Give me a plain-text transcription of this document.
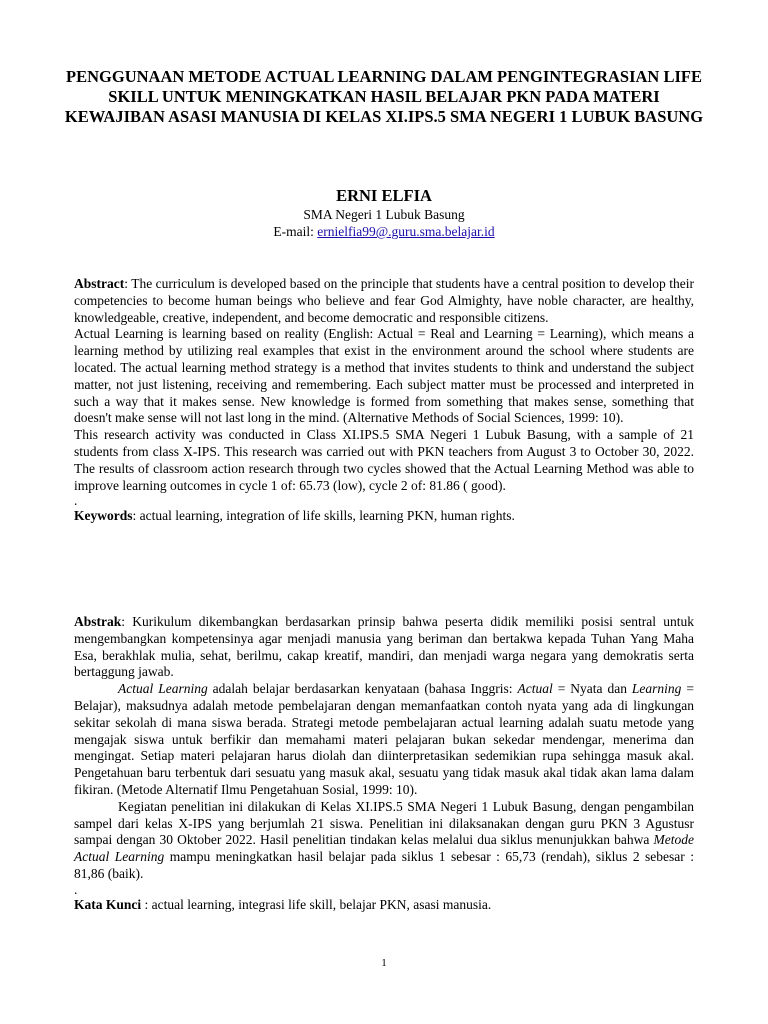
PENGGUNAAN METODE ACTUAL LEARNING DALAM PENGINTEGRASIAN LIFE SKILL UNTUK MENINGKATKAN HASIL BELAJAR PKN PADA MATERI KEWAJIBAN ASASI MANUSIA DI KELAS XI.IPS.5 SMA NEGERI 1 LUBUK BASUNG
ERNI ELFIA
SMA Negeri 1 Lubuk Basung
E-mail: ernielfia99@.guru.sma.belajar.id

Abstract: The curriculum is developed based on the principle that students have a central position to develop their competencies to become human beings who believe and fear God Almighty, have noble character, are healthy, knowledgeable, creative, independent, and become democratic and responsible citizens.

Actual Learning is learning based on reality (English: Actual = Real and Learning = Learning), which means a learning method by utilizing real examples that exist in the environment around the school where students are located. The actual learning method strategy is a method that invites students to think and understand the subject matter, not just listening, receiving and remembering. Each subject matter must be processed and interpreted in such a way that it makes sense. New knowledge is formed from something that makes sense, something that doesn't make sense will not last long in the mind. (Alternative Methods of Social Sciences, 1999: 10).

This research activity was conducted in Class XI.IPS.5 SMA Negeri 1 Lubuk Basung, with a sample of 21 students from class X-IPS. This research was carried out with PKN teachers from August 3 to October 30, 2022. The results of classroom action research through two cycles showed that the Actual Learning Method was able to improve learning outcomes in cycle 1 of: 65.73 (low), cycle 2 of: 81.86 ( good).

.

Keywords: actual learning, integration of life skills, learning PKN, human rights.

Abstrak: Kurikulum dikembangkan berdasarkan prinsip bahwa peserta didik memiliki posisi sentral untuk mengembangkan kompetensinya agar menjadi manusia yang beriman dan bertakwa kepada Tuhan Yang Maha Esa, berakhlak mulia, sehat, berilmu, cakap kreatif, mandiri, dan menjadi warga negara yang demokratis serta bertaggung jawab.

Actual Learning adalah belajar berdasarkan kenyataan (bahasa Inggris: Actual = Nyata dan Learning = Belajar), maksudnya adalah metode pembelajaran dengan memanfaatkan contoh nyata yang ada di lingkungan sekitar sekolah di mana siswa berada. Strategi metode pembelajaran actual learning adalah suatu metode yang mengajak siswa untuk berfikir dan memahami materi pelajaran bukan sekedar mendengar, menerima dan mengingat. Setiap materi pelajaran harus diolah dan diinterpretasikan sedemikian rupa sehingga masuk akal. Pengetahuan baru terbentuk dari sesuatu yang masuk akal, sesuatu yang tidak masuk akal tidak akan lama dalam fikiran. (Metode Alternatif Ilmu Pengetahuan Sosial, 1999: 10).

Kegiatan penelitian ini dilakukan di Kelas XI.IPS.5 SMA Negeri 1 Lubuk Basung, dengan pengambilan sampel dari kelas X-IPS yang berjumlah 21 siswa. Penelitian ini dilaksanakan dengan guru PKN 3 Agustusr sampai dengan 30 Oktober 2022. Hasil penelitian tindakan kelas melalui dua siklus menunjukkan bahwa Metode Actual Learning mampu meningkatkan hasil belajar pada siklus 1 sebesar : 65,73 (rendah), siklus 2 sebesar : 81,86 (baik).

.

Kata Kunci : actual learning, integrasi life skill, belajar PKN, asasi manusia.

1
